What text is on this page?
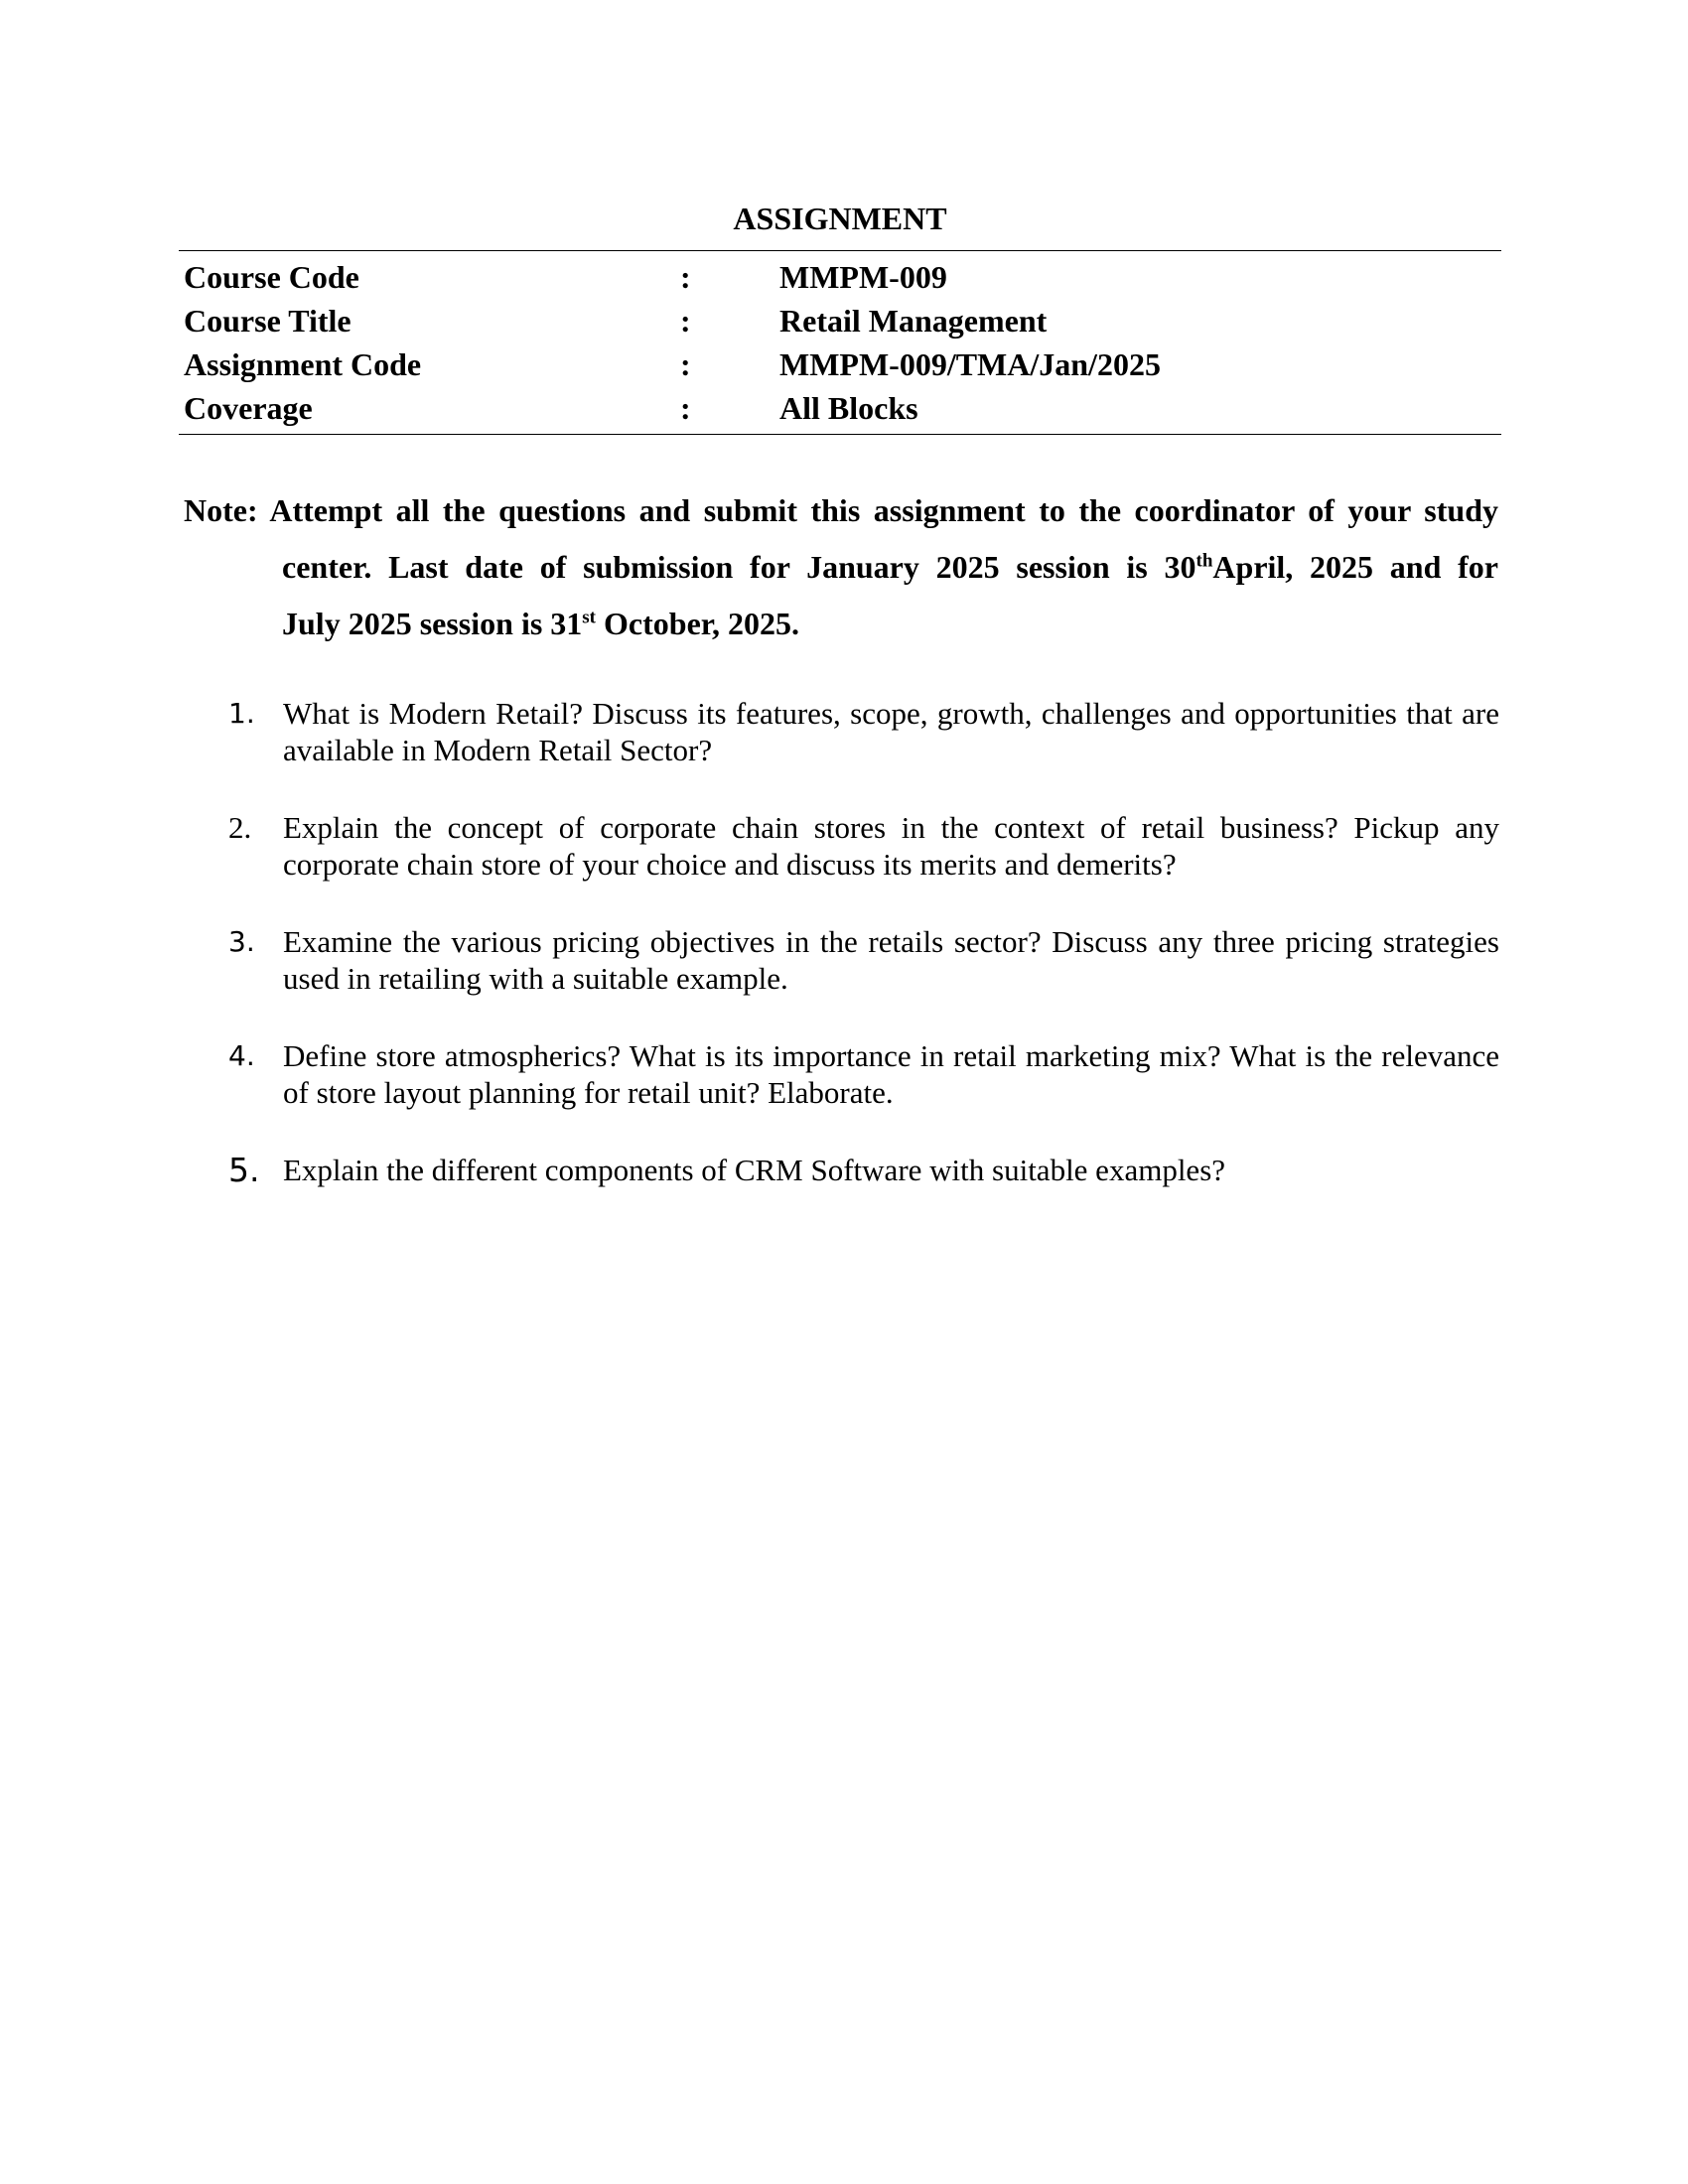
ASSIGNMENT
Course Code	:	MMPM-009
Course Title	:	Retail Management
Assignment Code	:	MMPM-009/TMA/Jan/2025
Coverage	:	All Blocks
Note: Attempt all the questions and submit this assignment to the coordinator of your study
center. Last date of submission for January 2025 session is 30thApril, 2025 and for
July 2025 session is 31st October, 2025.
1. What is Modern Retail? Discuss its features, scope, growth, challenges and opportunities that are available in Modern Retail Sector?
2.	Explain the concept of corporate chain stores in the context of retail business? Pickup any corporate chain store of your choice and discuss its merits and demerits?
3. Examine the various pricing objectives in the retails sector? Discuss any three pricing strategies used in retailing with a suitable example.
4. Define store atmospherics? What is its importance in retail marketing mix? What is the relevance of store layout planning for retail unit? Elaborate.
5. Explain the different components of CRM Software with suitable examples?
